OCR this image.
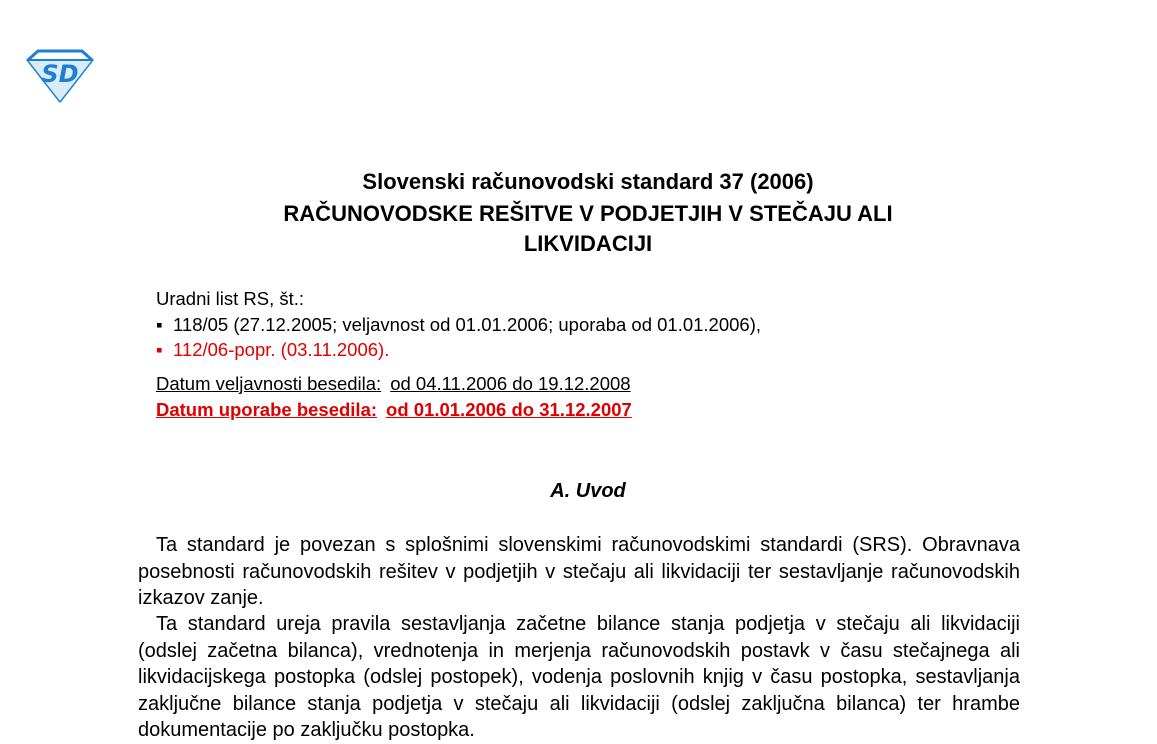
SD
Slovenski računovodski standard 37 (2006)
RAČUNOVODSKE REŠITVE V PODJETJIH V STEČAJU ALI
LIKVIDACIJI
Uradni list RS, št.:
▪ 118/05 (27.12.2005; veljavnost od 01.01.2006; uporaba od 01.01.2006),
▪ 112/06-popr. (03.11.2006).
Datum veljavnosti besedila: od 04.11.2006 do 19.12.2008
Datum uporabe besedila: od 01.01.2006 do 31.12.2007
A. Uvod

Ta standard je povezan s splošnimi slovenskimi računovodskimi standardi (SRS). Obravnava posebnosti računovodskih rešitev v podjetjih v stečaju ali likvidaciji ter sestavljanje računovodskih izkazov zanje.

Ta standard ureja pravila sestavljanja začetne bilance stanja podjetja v stečaju ali likvidaciji (odslej začetna bilanca), vrednotenja in merjenja računovodskih postavk v času stečajnega ali likvidacijskega postopka (odslej postopek), vodenja poslovnih knjig v času postopka, sestavljanja zaključne bilance stanja podjetja v stečaju ali likvidaciji (odslej zaključna bilanca) ter hrambe dokumentacije po zaključku postopka.
